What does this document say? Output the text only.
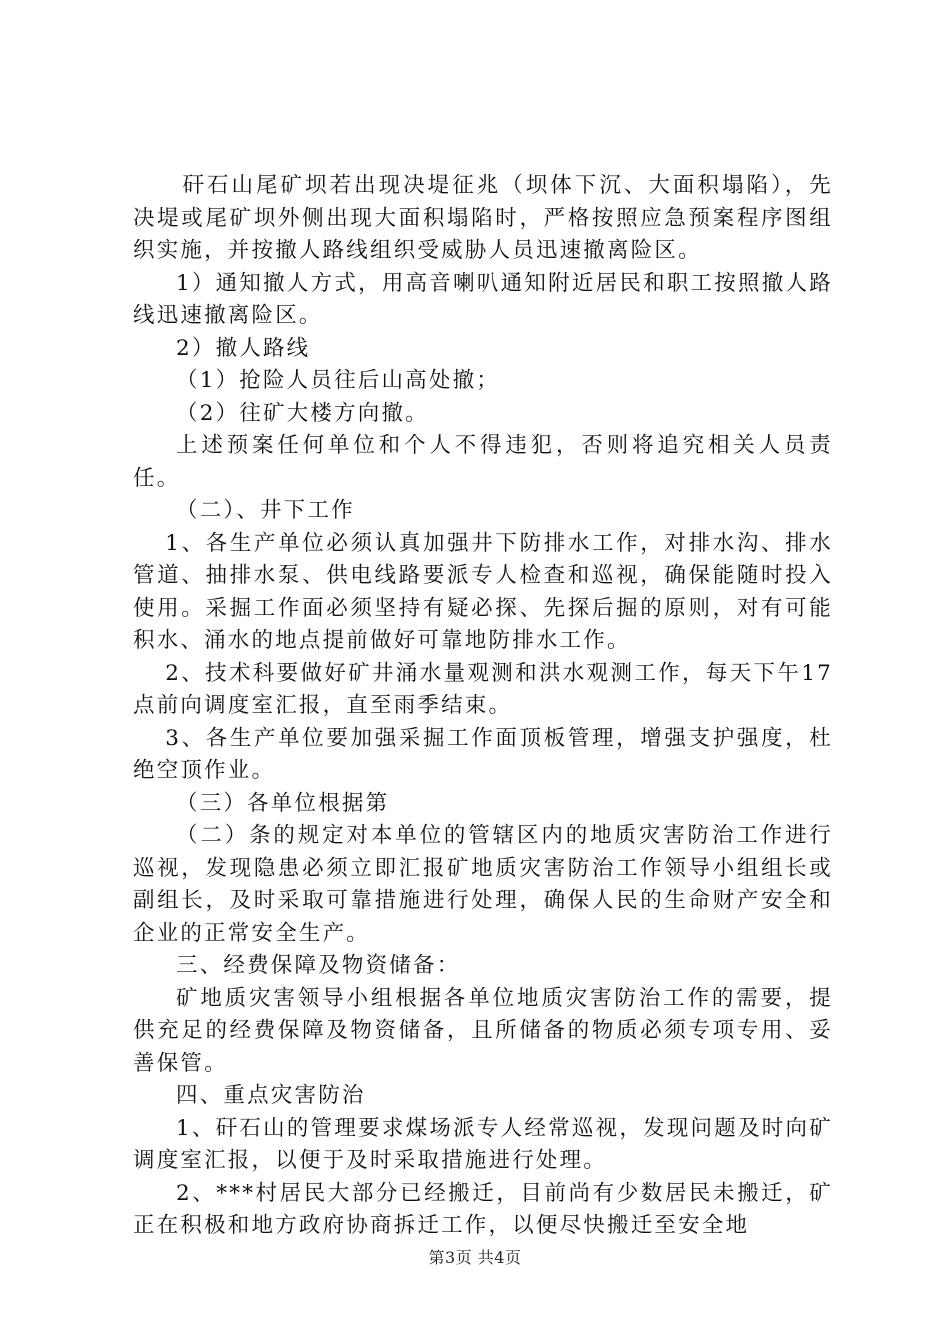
矸石山尾矿坝若出现决堤征兆（坝体下沉、大面积塌陷），先决堤或尾矿坝外侧出现大面积塌陷时，严格按照应急预案程序图组织实施，并按撤人路线组织受威胁人员迅速撤离险区。

1）通知撤人方式，用高音喇叭通知附近居民和职工按照撤人路线迅速撤离险区。

2）撤人路线

（1）抢险人员往后山高处撤；

（2）往矿大楼方向撤。

上述预案任何单位和个人不得违犯，否则将追究相关人员责任。

（二）、井下工作

1、各生产单位必须认真加强井下防排水工作，对排水沟、排水管道、抽排水泵、供电线路要派专人检查和巡视，确保能随时投入使用。采掘工作面必须坚持有疑必探、先探后掘的原则，对有可能积水、涌水的地点提前做好可靠地防排水工作。

2、技术科要做好矿井涌水量观测和洪水观测工作，每天下午17点前向调度室汇报，直至雨季结束。

3、各生产单位要加强采掘工作面顶板管理，增强支护强度，杜绝空顶作业。

（三）各单位根据第

（二）条的规定对本单位的管辖区内的地质灾害防治工作进行巡视，发现隐患必须立即汇报矿地质灾害防治工作领导小组组长或副组长，及时采取可靠措施进行处理，确保人民的生命财产安全和企业的正常安全生产。

三、经费保障及物资储备：

矿地质灾害领导小组根据各单位地质灾害防治工作的需要，提供充足的经费保障及物资储备，且所储备的物质必须专项专用、妥善保管。

四、重点灾害防治

1、矸石山的管理要求煤场派专人经常巡视，发现问题及时向矿调度室汇报，以便于及时采取措施进行处理。

2、***村居民大部分已经搬迁，目前尚有少数居民未搬迁，矿正在积极和地方政府协商拆迁工作，以便尽快搬迁至安全地

第3页 共4页
